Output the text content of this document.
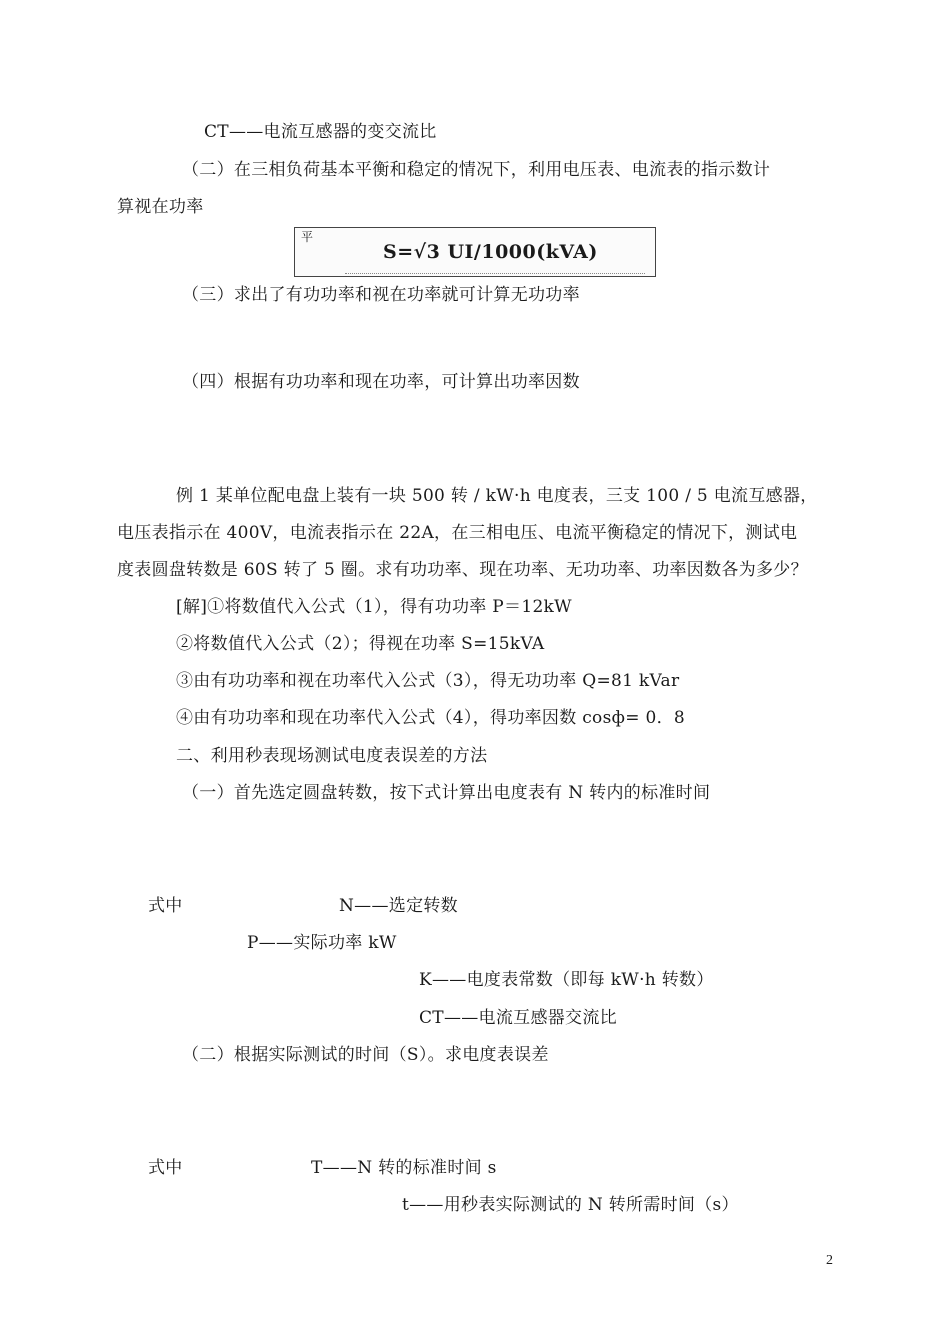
CT——电流互感器的变交流比
（二）在三相负荷基本平衡和稳定的情况下，利用电压表、电流表的指示数计
算视在功率
平
S=√3 UI/1000(kVA)
（三）求出了有功功率和视在功率就可计算无功功率
（四）根据有功功率和现在功率，可计算出功率因数
例 1 某单位配电盘上装有一块 500 转 / kW·h 电度表，三支 100 / 5 电流互感器，
电压表指示在 400V，电流表指示在 22A，在三相电压、电流平衡稳定的情况下，测试电
度表圆盘转数是 60S 转了 5 圈。求有功功率、现在功率、无功功率、功率因数各为多少？
[解]①将数值代入公式（1），得有功功率 P＝12kW
②将数值代入公式（2）；得视在功率 S=15kVA
③由有功功率和视在功率代入公式（3），得无功功率 Q=81 kVar
④由有功功率和现在功率代入公式（4），得功率因数 cosф= 0．8
二、利用秒表现场测试电度表误差的方法
（一）首先选定圆盘转数，按下式计算出电度表有 N 转内的标准时间
式中	N——选定转数
P——实际功率 kW
K——电度表常数（即每 kW·h 转数）
CT——电流互感器交流比
（二）根据实际测试的时间（S）。求电度表误差
式中	T——N 转的标准时间 s
t——用秒表实际测试的 N 转所需时间（s）
2
